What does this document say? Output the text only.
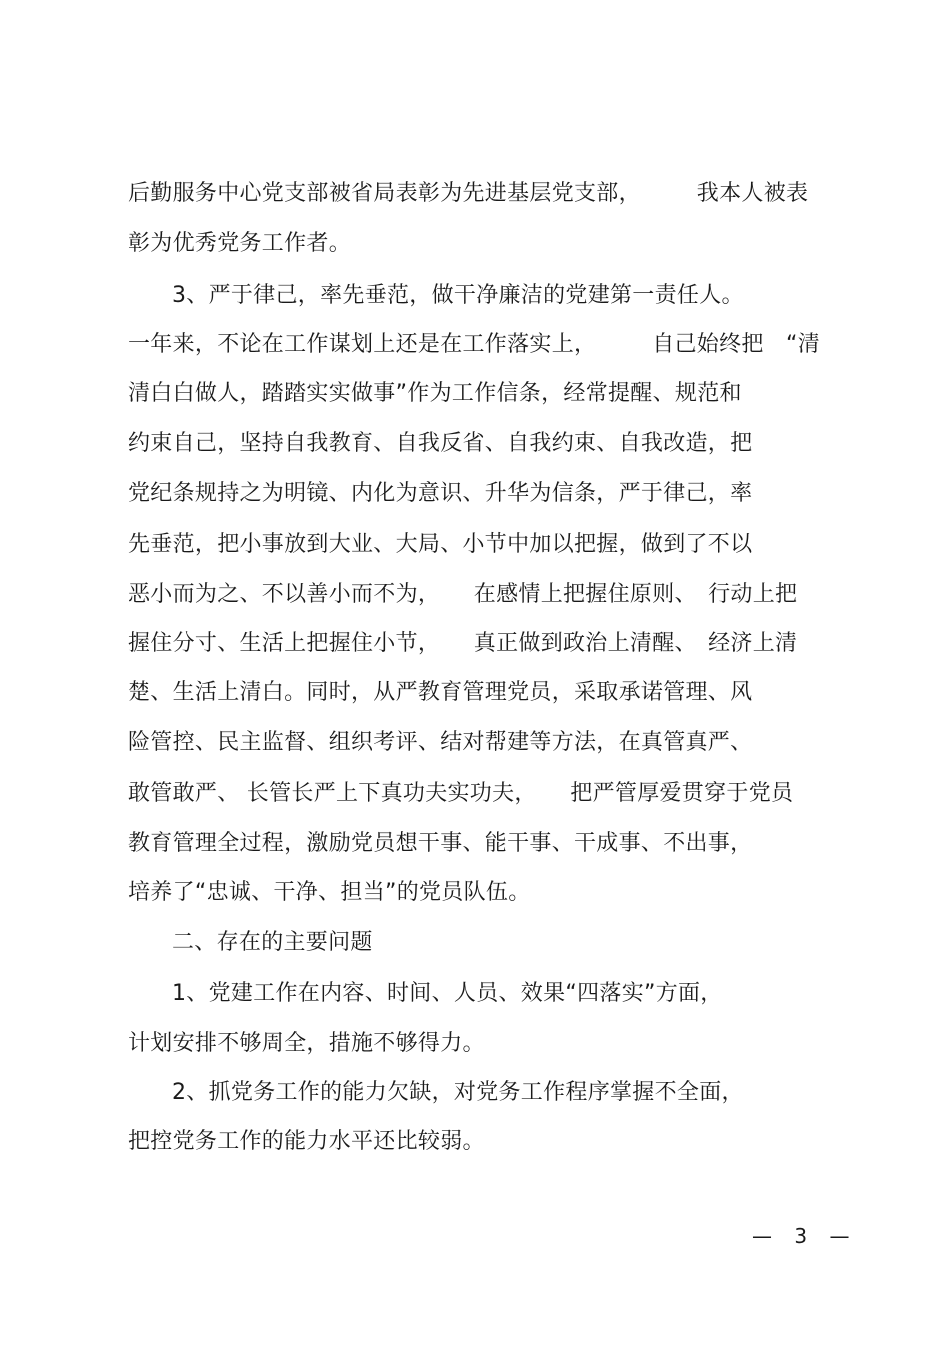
后勤服务中心党支部被省局表彰为先进基层党支部，　　　我本人被表
彰为优秀党务工作者。
3、严于律己，率先垂范，做干净廉洁的党建第一责任人。
一年来，不论在工作谋划上还是在工作落实上，　　　自己始终把　“清
清白白做人，踏踏实实做事”作为工作信条，经常提醒、规范和
约束自己，坚持自我教育、自我反省、自我约束、自我改造，把
党纪条规持之为明镜、内化为意识、升华为信条，严于律己，率
先垂范，把小事放到大业、大局、小节中加以把握，做到了不以
恶小而为之、不以善小而不为，　　在感情上把握住原则、　行动上把
握住分寸、生活上把握住小节，　　真正做到政治上清醒、　经济上清
楚、生活上清白。同时，从严教育管理党员，采取承诺管理、风
险管控、民主监督、组织考评、结对帮建等方法，在真管真严、
敢管敢严、 长管长严上下真功夫实功夫，　　把严管厚爱贯穿于党员
教育管理全过程，激励党员想干事、能干事、干成事、不出事，
培养了“忠诚、干净、担当”的党员队伍。
二、存在的主要问题
1、党建工作在内容、时间、人员、效果“四落实”方面，
计划安排不够周全，措施不够得力。
2、抓党务工作的能力欠缺，对党务工作程序掌握不全面，
把控党务工作的能力水平还比较弱。
— 3 —
